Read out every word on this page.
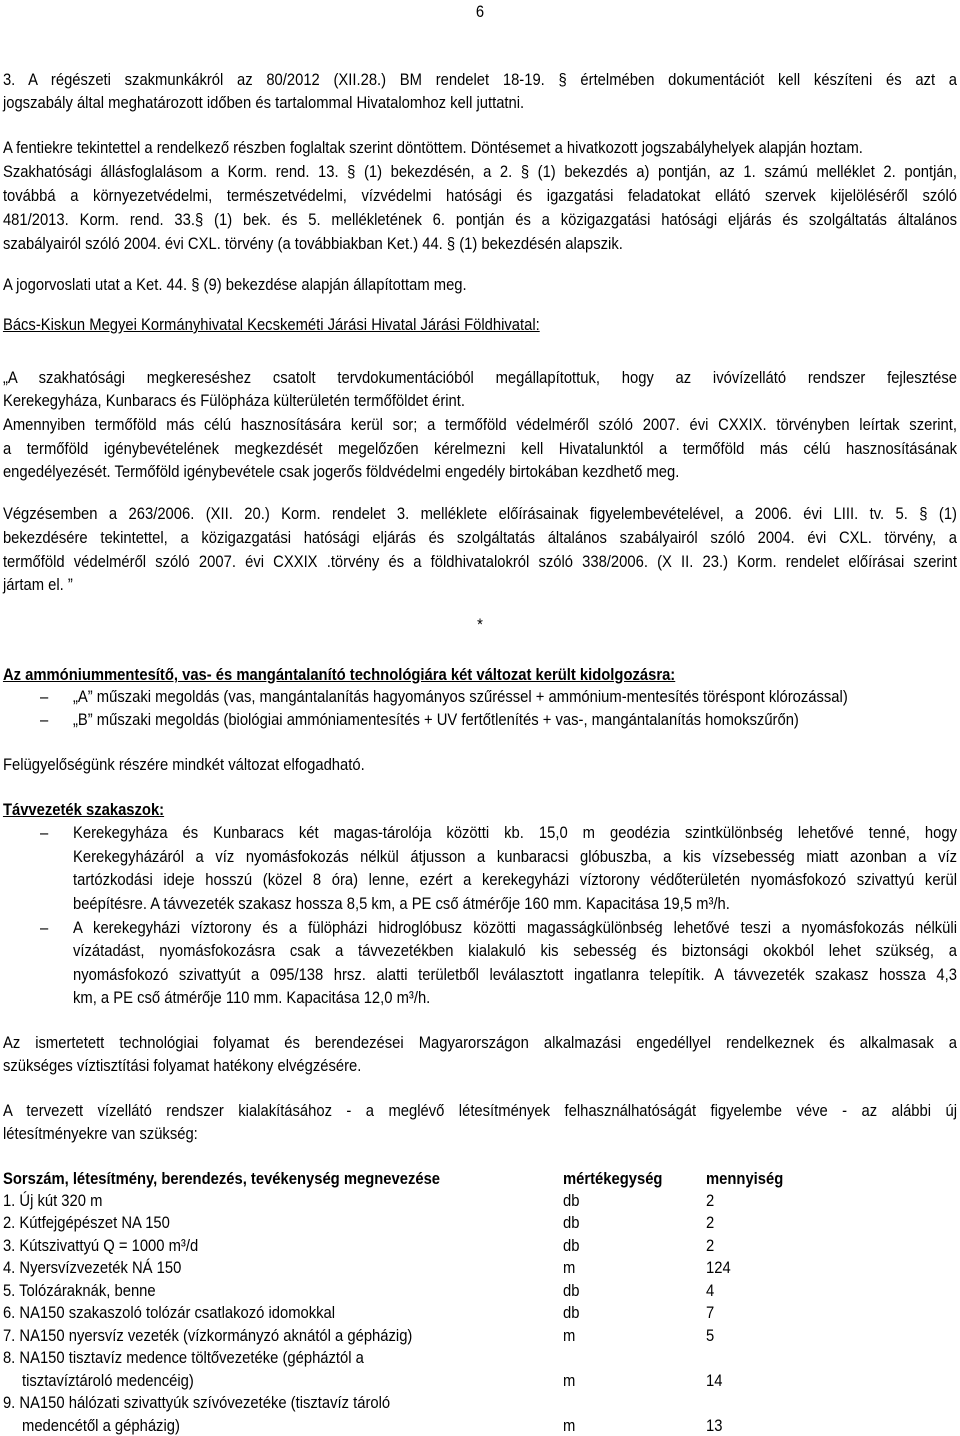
6
3. A régészeti szakmunkákról az 80/2012 (XII.28.) BM rendelet 18-19. § értelmében dokumentációt kell készíteni és azt a
jogszabály által meghatározott időben és tartalommal Hivatalomhoz kell juttatni.
A fentiekre tekintettel a rendelkező részben foglaltak szerint döntöttem. Döntésemet a hivatkozott jogszabályhelyek alapján hoztam.
Szakhatósági állásfoglalásom a Korm. rend. 13. § (1) bekezdésén, a 2. § (1) bekezdés a) pontján, az 1. számú melléklet 2. pontján,
továbbá a környezetvédelmi, természetvédelmi, vízvédelmi hatósági és igazgatási feladatokat ellátó szervek kijelöléséről szóló
481/2013. Korm. rend. 33.§ (1) bek. és 5. mellékletének 6. pontján és a közigazgatási hatósági eljárás és szolgáltatás általános
szabályairól szóló 2004. évi CXL. törvény (a továbbiakban Ket.) 44. § (1) bekezdésén alapszik.
A jogorvoslati utat a Ket. 44. § (9) bekezdése alapján állapítottam meg.
Bács-Kiskun Megyei Kormányhivatal Kecskeméti Járási Hivatal Járási Földhivatal:
„A szakhatósági megkereséshez csatolt tervdokumentációból megállapítottuk, hogy az ivóvízellátó rendszer fejlesztése
Kerekegyháza, Kunbaracs és Fülöpháza külterületén termőföldet érint.
Amennyiben termőföld más célú hasznosítására kerül sor; a termőföld védelméről szóló 2007. évi CXXIX. törvényben leírtak szerint,
a termőföld igénybevételének megkezdését megelőzően kérelmezni kell Hivatalunktól a termőföld más célú hasznosításának
engedélyezését. Termőföld igénybevétele csak jogerős földvédelmi engedély birtokában kezdhető meg.
Végzésemben a 263/2006. (XII. 20.) Korm. rendelet 3. melléklete előírásainak figyelembevételével, a 2006. évi LIII. tv. 5. § (1)
bekezdésére tekintettel, a közigazgatási hatósági eljárás és szolgáltatás általános szabályairól szóló 2004. évi CXL. törvény, a
termőföld védelméről szóló 2007. évi CXXIX .törvény és a földhivatalokról szóló 338/2006. (X II. 23.) Korm. rendelet előírásai szerint
jártam el. ”
*
Az ammóniummentesítő, vas- és mangántalanító technológiára két változat került kidolgozásra:
–	„A” műszaki megoldás (vas, mangántalanítás hagyományos szűréssel + ammónium-mentesítés töréspont klórozással)
–	„B” műszaki megoldás (biológiai ammóniamentesítés + UV fertőtlenítés + vas-, mangántalanítás homokszűrőn)
Felügyelőségünk részére mindkét változat elfogadható.
Távvezeték szakaszok:
–	Kerekegyháza és Kunbaracs két magas-tárolója közötti kb. 15,0 m geodézia szintkülönbség lehetővé tenné, hogy
Kerekegyházáról a víz nyomásfokozás nélkül átjusson a kunbaracsi glóbuszba, a kis vízsebesség miatt azonban a víz
tartózkodási ideje hosszú (közel 8 óra) lenne, ezért a kerekegyházi víztorony védőterületén nyomásfokozó szivattyú kerül
beépítésre. A távvezeték szakasz hossza 8,5 km, a PE cső átmérője 160 mm. Kapacitása 19,5 m³/h.
–	A kerekegyházi víztorony és a fülöpházi hidroglóbusz közötti magasságkülönbség lehetővé teszi a nyomásfokozás nélküli
vízátadást, nyomásfokozásra csak a távvezetékben kialakuló kis sebesség és biztonsági okokból lehet szükség, a
nyomásfokozó szivattyút a 095/138 hrsz. alatti területből leválasztott ingatlanra telepítik. A távvezeték szakasz hossza 4,3
km, a PE cső átmérője 110 mm. Kapacitása 12,0 m³/h.
Az ismertetett technológiai folyamat és berendezései Magyarországon alkalmazási engedéllyel rendelkeznek és alkalmasak a
szükséges víztisztítási folyamat hatékony elvégzésére.
A tervezett vízellátó rendszer kialakításához - a meglévő létesítmények felhasználhatóságát figyelembe véve - az alábbi új
létesítményekre van szükség:
Sorszám, létesítmény, berendezés, tevékenység megnevezése	mértékegység	mennyiség
1. Új kút 320 m	db	2
2. Kútfejgépészet NA 150	db	2
3. Kútszivattyú Q = 1000 m³/d	db	2
4. Nyersvízvezeték NÁ 150	m	124
5. Tolózáraknák, benne	db	4
6. NA150 szakaszoló tolózár csatlakozó idomokkal	db	7
7. NA150 nyersvíz vezeték (vízkormányzó aknától a gépházig)	m	5
8. NA150 tisztavíz medence töltővezetéke (gépháztól a
tisztavíztároló medencéig)	m	14
9. NA150 hálózati szivattyúk szívóvezetéke (tisztavíz tároló
medencétől a gépházig)	m	13
